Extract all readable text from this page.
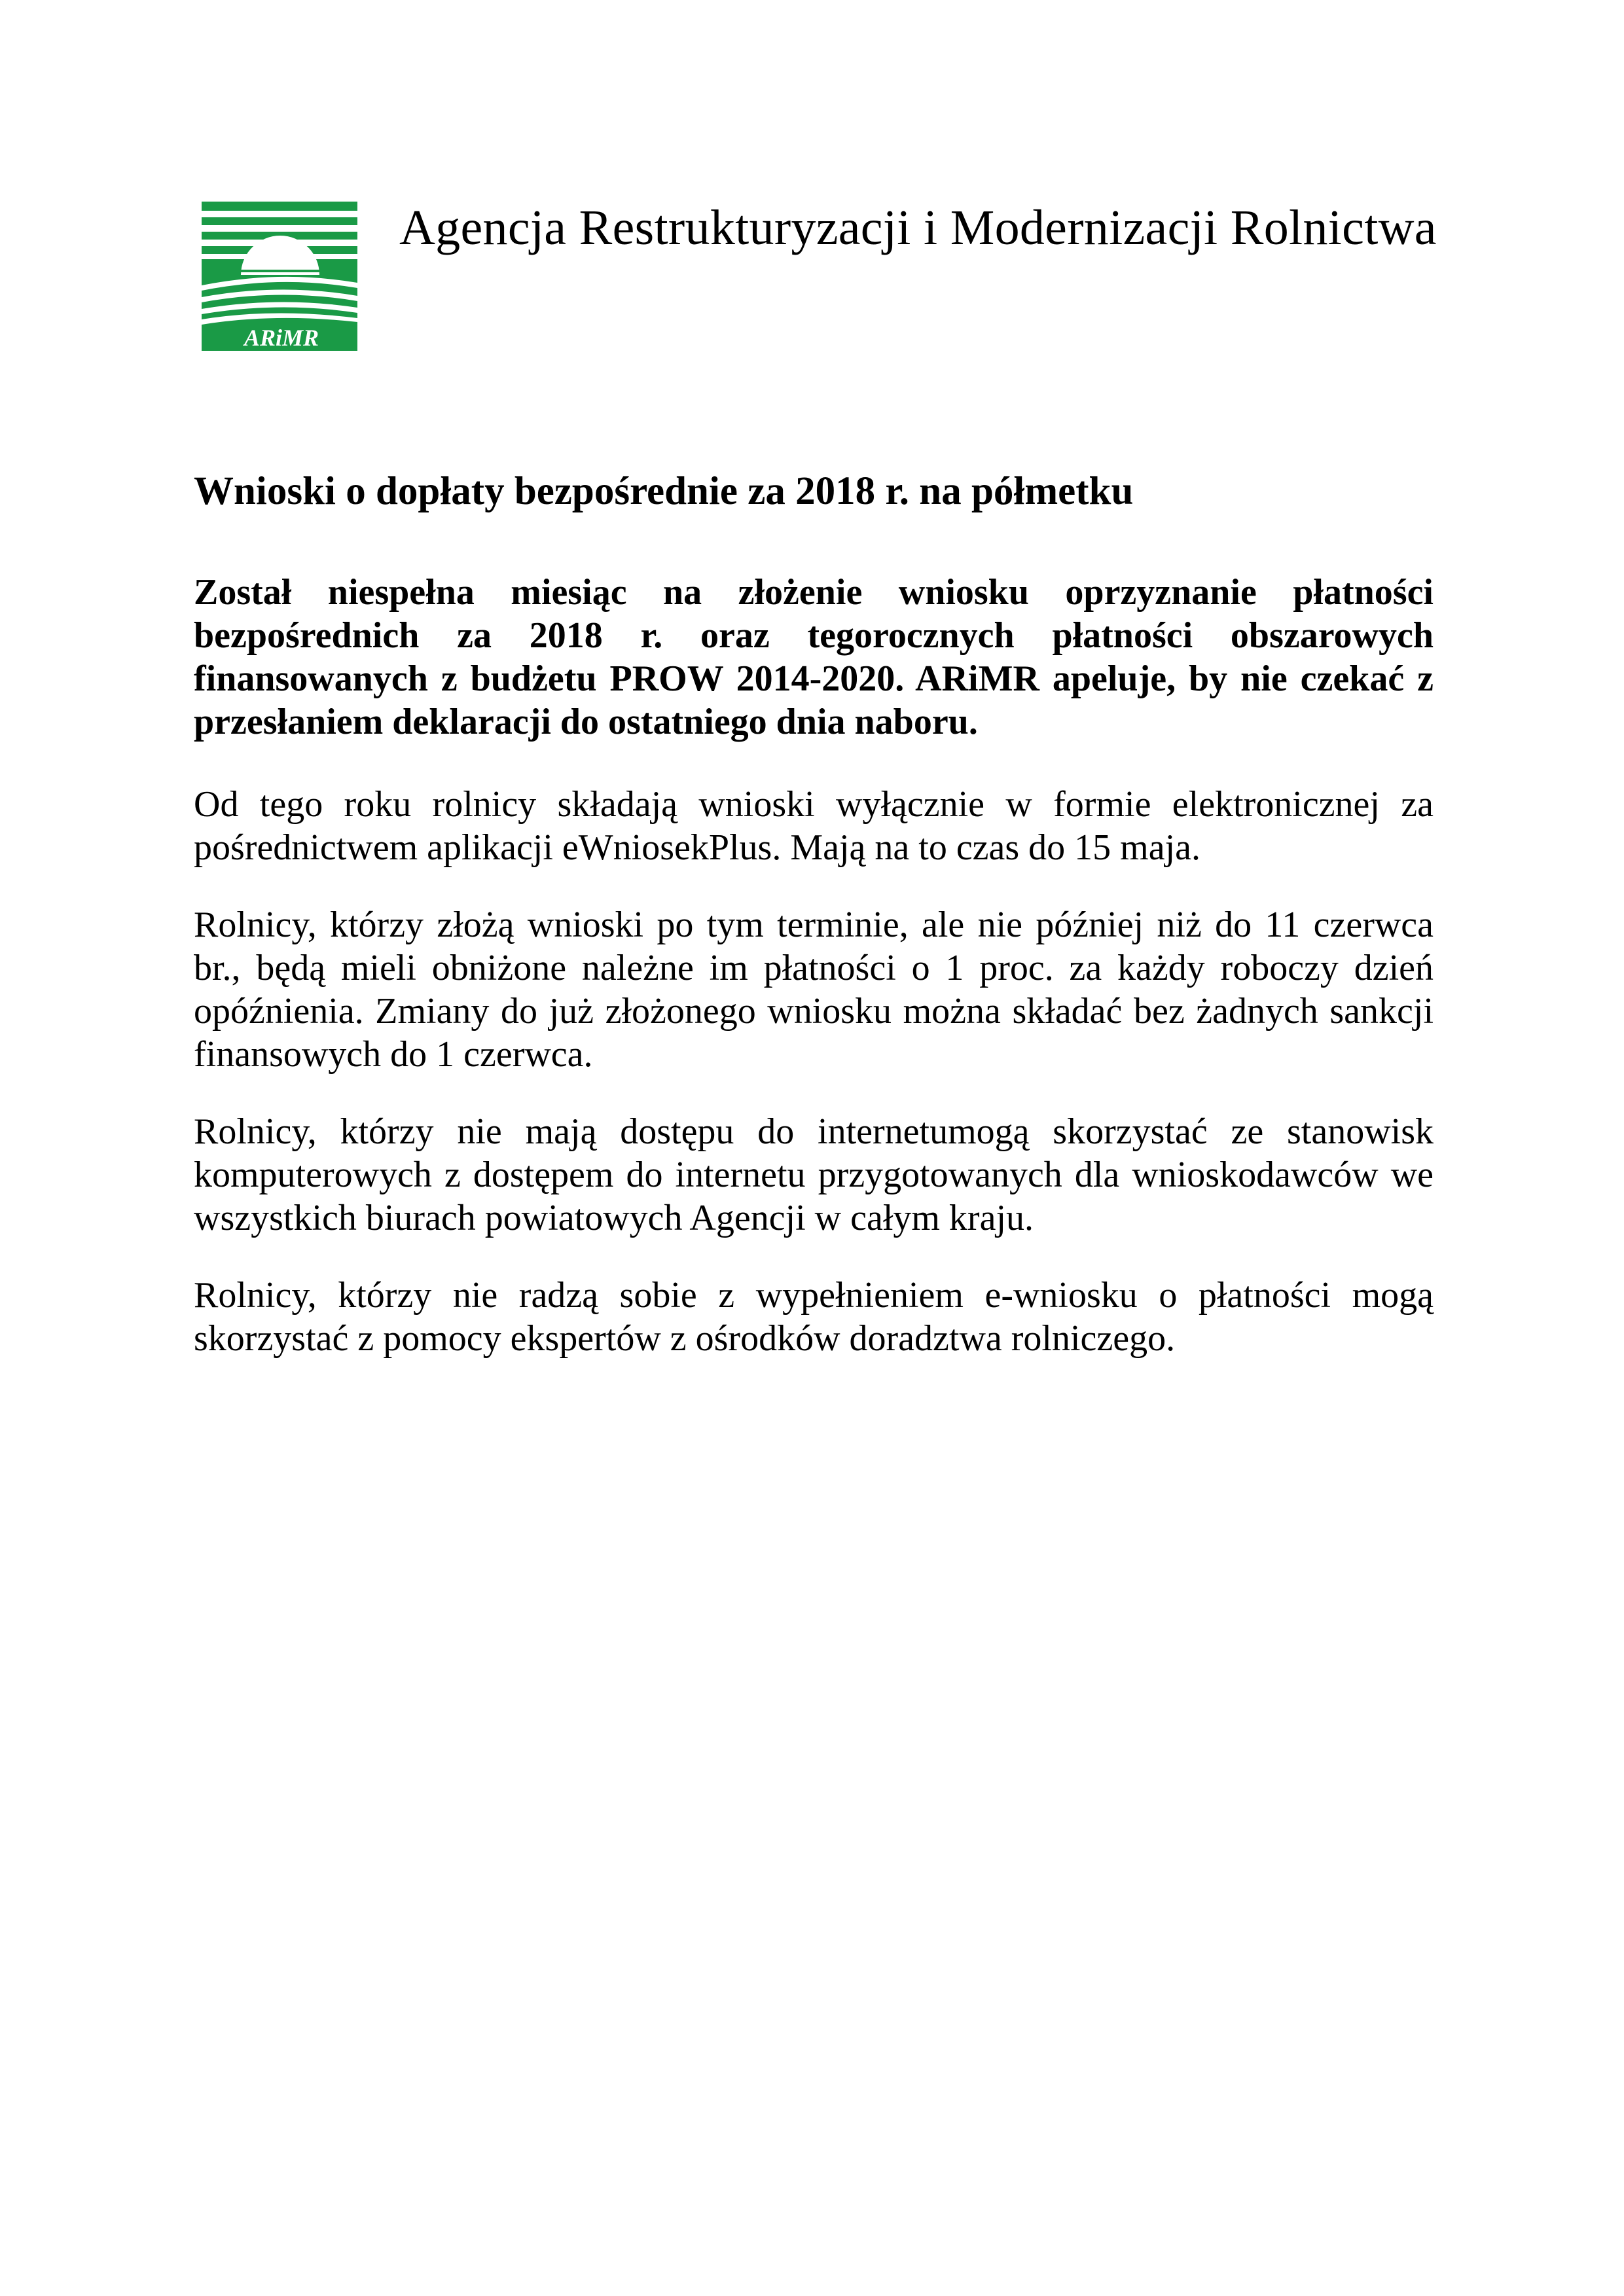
ARiMR
Agencja Restrukturyzacji i Modernizacji Rolnictwa
Wnioski o dopłaty bezpośrednie za 2018 r. na półmetku

Został niespełna miesiąc na złożenie wniosku oprzyznanie płatności bezpośrednich za 2018 r. oraz tegorocznych płatności obszarowych finansowanych z budżetu PROW 2014-2020. ARiMR apeluje, by nie czekać z przesłaniem deklaracji do ostatniego dnia naboru.

Od tego roku rolnicy składają wnioski wyłącznie w formie elektronicznej za pośrednictwem aplikacji eWniosekPlus. Mają na to czas do 15 maja.

Rolnicy, którzy złożą wnioski po tym terminie, ale nie później niż do 11 czerwca br., będą mieli obniżone należne im płatności o 1 proc. za każdy roboczy dzień opóźnienia. Zmiany do już złożonego wniosku można składać bez żadnych sankcji finansowych do 1 czerwca.

Rolnicy, którzy nie mają dostępu do internetumogą skorzystać ze stanowisk komputerowych z dostępem do internetu przygotowanych dla wnioskodawców we wszystkich biurach powiatowych Agencji w całym kraju.

Rolnicy, którzy nie radzą sobie z wypełnieniem e-wniosku o płatności mogą skorzystać z pomocy ekspertów z ośrodków doradztwa rolniczego.
